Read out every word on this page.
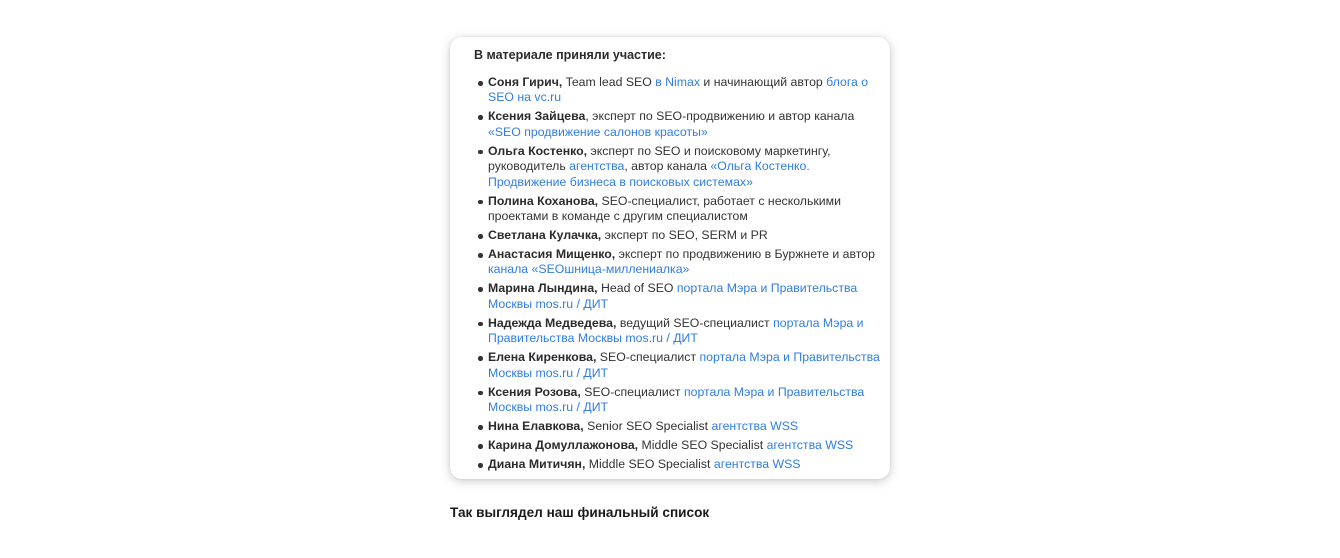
В материале приняли участие:
Соня Гирич, Team lead SEO в Nimax и начинающий автор блога о SEO на vc.ru
Ксения Зайцева, эксперт по SEO-продвижению и автор канала «SEO продвижение салонов красоты»
Ольга Костенко, эксперт по SEO и поисковому маркетингу, руководитель агентства, автор канала «Ольга Костенко. Продвижение бизнеса в поисковых системах»
Полина Коханова, SEO-специалист, работает с несколькими проектами в команде с другим специалистом
Светлана Кулачка, эксперт по SEO, SERM и PR
Анастасия Мищенко, эксперт по продвижению в Буржнете и автор канала «SEOшница-миллениалка»
Марина Лындина, Head of SEO портала Мэра и Правительства Москвы mos.ru / ДИТ
Надежда Медведева, ведущий SEO-специалист портала Мэра и Правительства Москвы mos.ru / ДИТ
Елена Киренкова, SEO-специалист портала Мэра и Правительства Москвы mos.ru / ДИТ
Ксения Розова, SEO-специалист портала Мэра и Правительства Москвы mos.ru / ДИТ
Нина Елавкова, Senior SEO Specialist агентства WSS
Карина Домуллажонова, Middle SEO Specialist агентства WSS
Диана Митичян, Middle SEO Specialist агентства WSS
Так выглядел наш финальный список
